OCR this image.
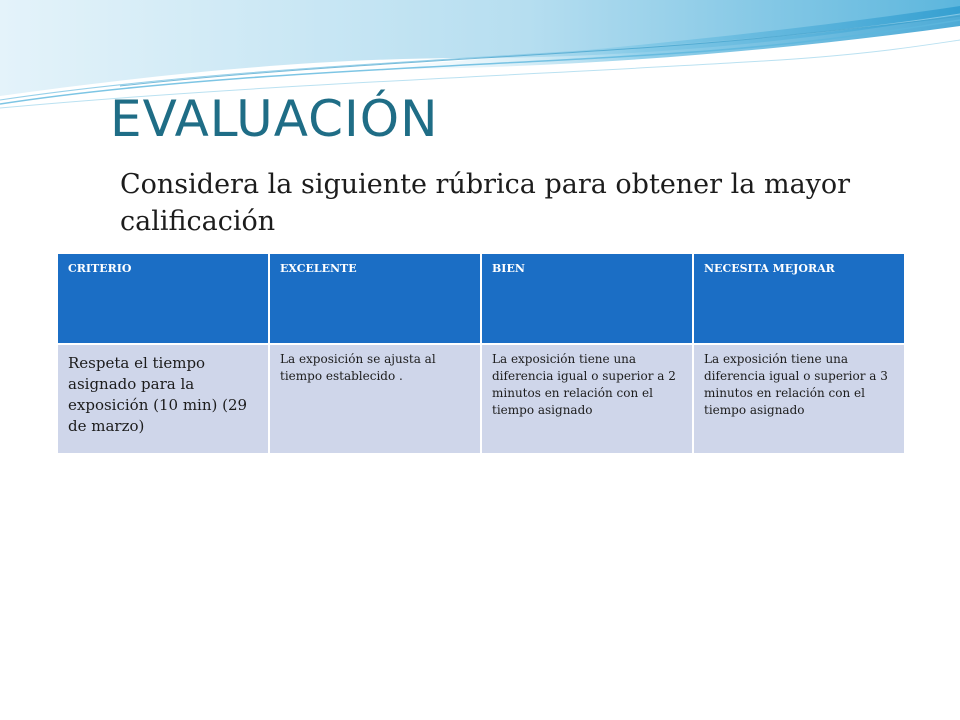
EVALUACIÓN

Considera la siguiente rúbrica para obtener la mayor calificación

CRITERIO	EXCELENTE	BIEN	NECESITA MEJORAR
Respeta el tiempo asignado para la exposición (10 min) (29 de marzo)	La exposición se ajusta al tiempo establecido .	La exposición tiene una diferencia igual o superior a 2 minutos en relación con el tiempo asignado	La exposición tiene una diferencia igual o superior a 3 minutos en relación con el tiempo asignado
